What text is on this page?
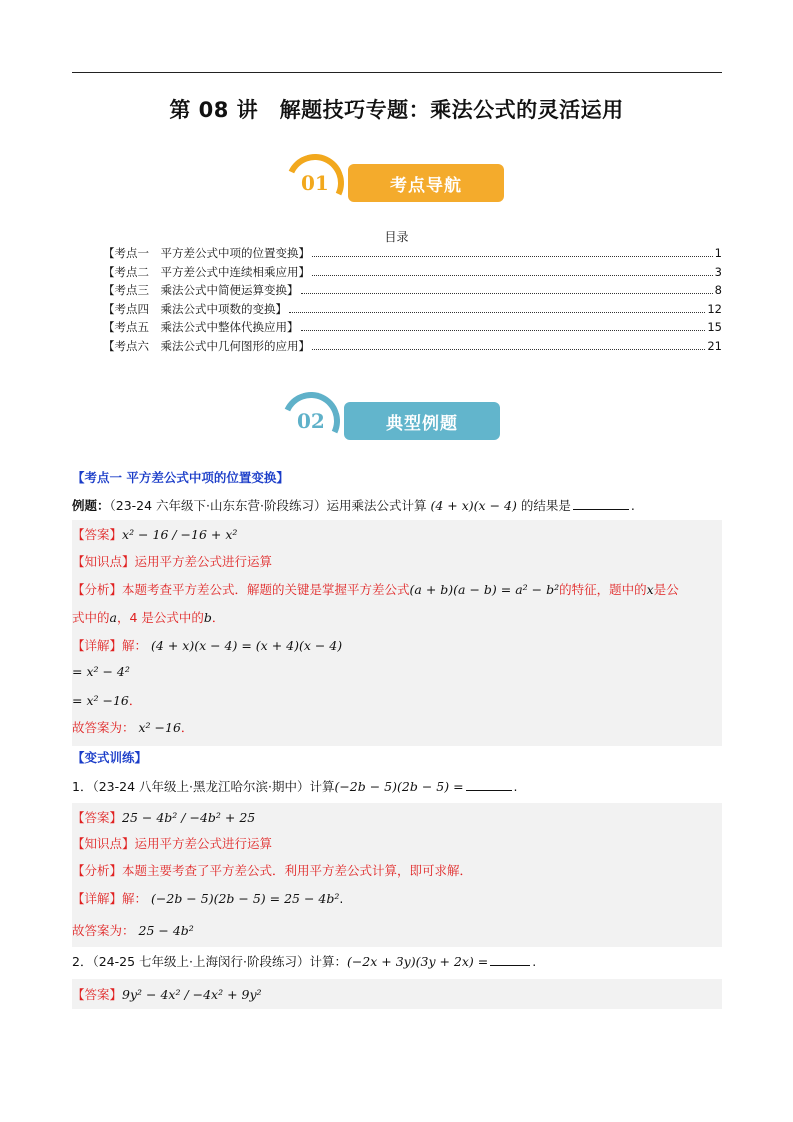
第 08 讲　解题技巧专题：乘法公式的灵活运用
01	考点导航
目录
【考点一　平方差公式中项的位置变换】	1
【考点二　平方差公式中连续相乘应用】	3
【考点三　乘法公式中简便运算变换】	8
【考点四　乘法公式中项数的变换】	12
【考点五　乘法公式中整体代换应用】	15
【考点六　乘法公式中几何图形的应用】	21
02	典型例题
【考点一 平方差公式中项的位置变换】
例题：（23-24 六年级下·山东东营·阶段练习）运用乘法公式计算 (4 + x)(x − 4) 的结果是	.
【答案】x² − 16 / −16 + x²
【知识点】运用平方差公式进行运算
【分析】本题考查平方差公式．解题的关键是掌握平方差公式(a + b)(a − b) = a² − b²的特征，题中的x是公
式中的a，4 是公式中的b．
【详解】解： (4 + x)(x − 4) = (x + 4)(x − 4)
= x² − 4²
= x² −16．
故答案为： x² −16．
【变式训练】
1．（23-24 八年级上·黑龙江哈尔滨·期中）计算(−2b − 5)(2b − 5) =	.
【答案】25 − 4b² / −4b² + 25
【知识点】运用平方差公式进行运算
【分析】本题主要考查了平方差公式．利用平方差公式计算，即可求解．
【详解】解： (−2b − 5)(2b − 5) = 25 − 4b².
故答案为： 25 − 4b²
2．（24-25 七年级上·上海闵行·阶段练习）计算：(−2x + 3y)(3y + 2x) =	.
【答案】9y² − 4x² / −4x² + 9y²
